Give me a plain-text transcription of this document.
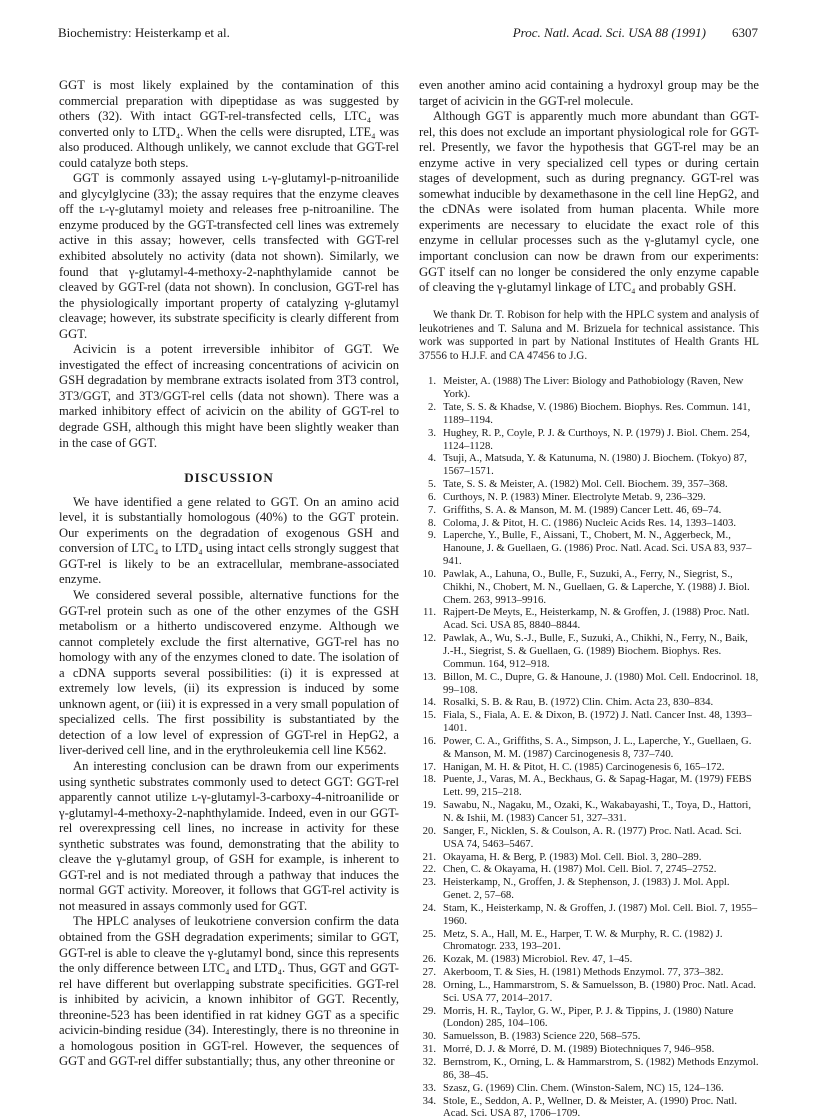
Biochemistry: Heisterkamp et al.	Proc. Natl. Acad. Sci. USA 88 (1991) 6307

GGT is most likely explained by the contamination of this commercial preparation with dipeptidase as was suggested by others (32). With intact GGT-rel-transfected cells, LTC₄ was converted only to LTD₄. When the cells were disrupted, LTE₄ was also produced. Although unlikely, we cannot exclude that GGT-rel could catalyze both steps.

GGT is commonly assayed using ʟ-γ-glutamyl-p-nitroanilide and glycylglycine (33); the assay requires that the enzyme cleaves off the ʟ-γ-glutamyl moiety and releases free p-nitroaniline. The enzyme produced by the GGT-transfected cell lines was extremely active in this assay; however, cells transfected with GGT-rel exhibited absolutely no activity (data not shown). Similarly, we found that γ-glutamyl-4-methoxy-2-naphthylamide cannot be cleaved by GGT-rel (data not shown). In conclusion, GGT-rel has the physiologically important property of catalyzing γ-glutamyl cleavage; however, its substrate specificity is clearly different from GGT.

Acivicin is a potent irreversible inhibitor of GGT. We investigated the effect of increasing concentrations of acivicin on GSH degradation by membrane extracts isolated from 3T3 control, 3T3/GGT, and 3T3/GGT-rel cells (data not shown). There was a marked inhibitory effect of acivicin on the ability of GGT-rel to degrade GSH, although this might have been slightly weaker than in the case of GGT.

DISCUSSION

We have identified a gene related to GGT. On an amino acid level, it is substantially homologous (40%) to the GGT protein. Our experiments on the degradation of exogenous GSH and conversion of LTC₄ to LTD₄ using intact cells strongly suggest that GGT-rel is likely to be an extracellular, membrane-associated enzyme.

We considered several possible, alternative functions for the GGT-rel protein such as one of the other enzymes of the GSH metabolism or a hitherto undiscovered enzyme. Although we cannot completely exclude the first alternative, GGT-rel has no homology with any of the enzymes cloned to date. The isolation of a cDNA supports several possibilities: (i) it is expressed at extremely low levels, (ii) its expression is induced by some unknown agent, or (iii) it is expressed in a very small population of specialized cells. The first possibility is substantiated by the detection of a low level of expression of GGT-rel in HepG2, a liver-derived cell line, and in the erythroleukemia cell line K562.

An interesting conclusion can be drawn from our experiments using synthetic substrates commonly used to detect GGT: GGT-rel apparently cannot utilize ʟ-γ-glutamyl-3-carboxy-4-nitroanilide or γ-glutamyl-4-methoxy-2-naphthylamide. Indeed, even in our GGT-rel overexpressing cell lines, no increase in activity for these synthetic substrates was found, demonstrating that the ability to cleave the γ-glutamyl group, of GSH for example, is inherent to GGT-rel and is not mediated through a pathway that induces the normal GGT activity. Moreover, it follows that GGT-rel activity is not measured in assays commonly used for GGT.

The HPLC analyses of leukotriene conversion confirm the data obtained from the GSH degradation experiments; similar to GGT, GGT-rel is able to cleave the γ-glutamyl bond, since this represents the only difference between LTC₄ and LTD₄. Thus, GGT and GGT-rel have different but overlapping substrate specificities. GGT-rel is inhibited by acivicin, a known inhibitor of GGT. Recently, threonine-523 has been identified in rat kidney GGT as a specific acivicin-binding residue (34). Interestingly, there is no threonine in a homologous position in GGT-rel. However, the sequences of GGT and GGT-rel differ substantially; thus, any other threonine or

even another amino acid containing a hydroxyl group may be the target of acivicin in the GGT-rel molecule.

Although GGT is apparently much more abundant than GGT-rel, this does not exclude an important physiological role for GGT-rel. Presently, we favor the hypothesis that GGT-rel may be an enzyme active in very specialized cell types or during certain stages of development, such as during pregnancy. GGT-rel was somewhat inducible by dexamethasone in the cell line HepG2, and the cDNAs were isolated from human placenta. While more experiments are necessary to elucidate the exact role of this enzyme in cellular processes such as the γ-glutamyl cycle, one important conclusion can now be drawn from our experiments: GGT itself can no longer be considered the only enzyme capable of cleaving the γ-glutamyl linkage of LTC₄ and probably GSH.

We thank Dr. T. Robison for help with the HPLC system and analysis of leukotrienes and T. Saluna and M. Brizuela for technical assistance. This work was supported in part by National Institutes of Health Grants HL 37556 to H.J.F. and CA 47456 to J.G.

1. Meister, A. (1988) The Liver: Biology and Pathobiology (Raven, New York).
2. Tate, S. S. & Khadse, V. (1986) Biochem. Biophys. Res. Commun. 141, 1189–1194.
3. Hughey, R. P., Coyle, P. J. & Curthoys, N. P. (1979) J. Biol. Chem. 254, 1124–1128.
4. Tsuji, A., Matsuda, Y. & Katunuma, N. (1980) J. Biochem. (Tokyo) 87, 1567–1571.
5. Tate, S. S. & Meister, A. (1982) Mol. Cell. Biochem. 39, 357–368.
6. Curthoys, N. P. (1983) Miner. Electrolyte Metab. 9, 236–329.
7. Griffiths, S. A. & Manson, M. M. (1989) Cancer Lett. 46, 69–74.
8. Coloma, J. & Pitot, H. C. (1986) Nucleic Acids Res. 14, 1393–1403.
9. Laperche, Y., Bulle, F., Aissani, T., Chobert, M. N., Aggerbeck, M., Hanoune, J. & Guellaen, G. (1986) Proc. Natl. Acad. Sci. USA 83, 937–941.
10. Pawlak, A., Lahuna, O., Bulle, F., Suzuki, A., Ferry, N., Siegrist, S., Chikhi, N., Chobert, M. N., Guellaen, G. & Laperche, Y. (1988) J. Biol. Chem. 263, 9913–9916.
11. Rajpert-De Meyts, E., Heisterkamp, N. & Groffen, J. (1988) Proc. Natl. Acad. Sci. USA 85, 8840–8844.
12. Pawlak, A., Wu, S.-J., Bulle, F., Suzuki, A., Chikhi, N., Ferry, N., Baik, J.-H., Siegrist, S. & Guellaen, G. (1989) Biochem. Biophys. Res. Commun. 164, 912–918.
13. Billon, M. C., Dupre, G. & Hanoune, J. (1980) Mol. Cell. Endocrinol. 18, 99–108.
14. Rosalki, S. B. & Rau, B. (1972) Clin. Chim. Acta 23, 830–834.
15. Fiala, S., Fiala, A. E. & Dixon, B. (1972) J. Natl. Cancer Inst. 48, 1393–1401.
16. Power, C. A., Griffiths, S. A., Simpson, J. L., Laperche, Y., Guellaen, G. & Manson, M. M. (1987) Carcinogenesis 8, 737–740.
17. Hanigan, M. H. & Pitot, H. C. (1985) Carcinogenesis 6, 165–172.
18. Puente, J., Varas, M. A., Beckhaus, G. & Sapag-Hagar, M. (1979) FEBS Lett. 99, 215–218.
19. Sawabu, N., Nagaku, M., Ozaki, K., Wakabayashi, T., Toya, D., Hattori, N. & Ishii, M. (1983) Cancer 51, 327–331.
20. Sanger, F., Nicklen, S. & Coulson, A. R. (1977) Proc. Natl. Acad. Sci. USA 74, 5463–5467.
21. Okayama, H. & Berg, P. (1983) Mol. Cell. Biol. 3, 280–289.
22. Chen, C. & Okayama, H. (1987) Mol. Cell. Biol. 7, 2745–2752.
23. Heisterkamp, N., Groffen, J. & Stephenson, J. (1983) J. Mol. Appl. Genet. 2, 57–68.
24. Stam, K., Heisterkamp, N. & Groffen, J. (1987) Mol. Cell. Biol. 7, 1955–1960.
25. Metz, S. A., Hall, M. E., Harper, T. W. & Murphy, R. C. (1982) J. Chromatogr. 233, 193–201.
26. Kozak, M. (1983) Microbiol. Rev. 47, 1–45.
27. Akerboom, T. & Sies, H. (1981) Methods Enzymol. 77, 373–382.
28. Orning, L., Hammarstrom, S. & Samuelsson, B. (1980) Proc. Natl. Acad. Sci. USA 77, 2014–2017.
29. Morris, H. R., Taylor, G. W., Piper, P. J. & Tippins, J. (1980) Nature (London) 285, 104–106.
30. Samuelsson, B. (1983) Science 220, 568–575.
31. Morré, D. J. & Morré, D. M. (1989) Biotechniques 7, 946–958.
32. Bernstrom, K., Orning, L. & Hammarstrom, S. (1982) Methods Enzymol. 86, 38–45.
33. Szasz, G. (1969) Clin. Chem. (Winston-Salem, NC) 15, 124–136.
34. Stole, E., Seddon, A. P., Wellner, D. & Meister, A. (1990) Proc. Natl. Acad. Sci. USA 87, 1706–1709.
